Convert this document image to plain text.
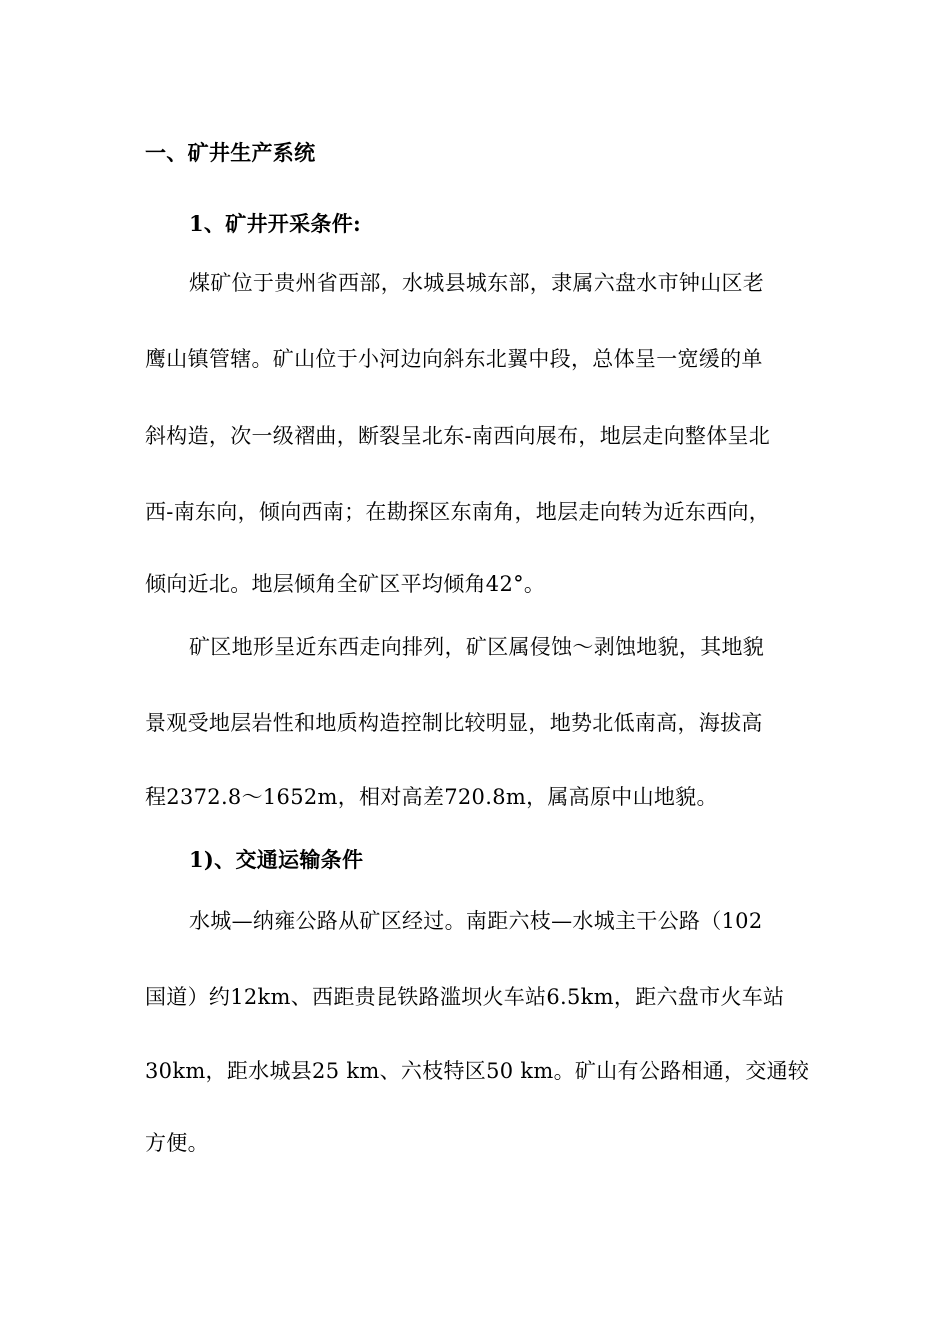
一、矿井生产系统
1、矿井开采条件:
煤矿位于贵州省西部，水城县城东部，隶属六盘水市钟山区老
鹰山镇管辖。矿山位于小河边向斜东北翼中段，总体呈一宽缓的单
斜构造，次一级褶曲，断裂呈北东-南西向展布，地层走向整体呈北
西-南东向，倾向西南；在勘探区东南角，地层走向转为近东西向，
倾向近北。地层倾角全矿区平均倾角42°。
矿区地形呈近东西走向排列，矿区属侵蚀～剥蚀地貌，其地貌
景观受地层岩性和地质构造控制比较明显，地势北低南高，海拔高
程2372.8～1652m，相对高差720.8m，属高原中山地貌。
1)、交通运输条件
水城—纳雍公路从矿区经过。南距六枝—水城主干公路（102
国道）约12km、西距贵昆铁路滥坝火车站6.5km，距六盘市火车站
30km，距水城县25 km、六枝特区50 km。矿山有公路相通，交通较
方便。
